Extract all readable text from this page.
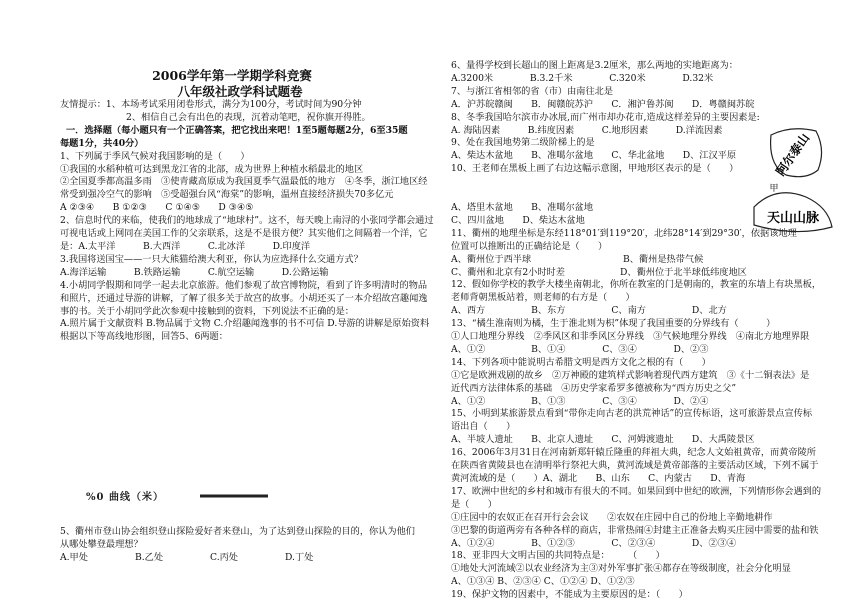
2006学年第一学期学科竞赛
八年级社政学科试题卷
友情提示：1、本场考试采用闭卷形式，满分为100分，考试时间为90分钟
2、相信自己会有出色的表现，沉着动笔吧，祝你旗开得胜。
一．选择题（每小题只有一个正确答案，把它找出来吧！1至5题每题2分，6至35题
每题1分，共40分）
1、下列属于季风气候对我国影响的是（　　）
①我国的水稻种植可达到黑龙江省的北部，成为世界上种植水稻最北的地区
②全国夏季都高温多雨　③使青藏高原成为我国夏季气温最低的地方　④冬季，浙江地区经
常受到强冷空气的影响　⑤受超强台风“海棠”的影响，温州直接经济损失70多亿元
A ②③④　　B ①②③　　C ①④⑤　　D ③④⑤
2、信息时代的来临，使我们的地球成了“地球村”。这不，每天晚上南浔的小张同学都会通过
可视电话或上网同在美国工作的父亲联系，这是不是很方便？其实他们之间隔着一个洋，它
是：A.太平洋　　　B.大西洋　　　C.北冰洋　　　D.印度洋
3.我国将送国宝——一只大熊猫给澳大利亚，你认为应选择什么交通方式？
A.海洋运输　　　B.铁路运输　　　C.航空运输　　　D.公路运输
4.小胡同学假期和同学一起去北京旅游。他们参观了故宫博物院，看到了许多明清时的物品
和照片，还通过导游的讲解，了解了很多关于故宫的故事。小胡还买了一本介绍故宫趣闻逸
事的书。关于小胡同学此次参观中接触到的资料，下列说法不正确的是：
A.照片属于文献资料 B.物品属于文物 C.介绍趣闻逸事的书不可信 D.导游的讲解是原始资料
根据以下等高线地形图，回答5、6两题：
%0 曲线（米）
5、衢州市登山协会组织登山探险爱好者来登山，为了达到登山探险的目的，你认为他们
从哪处攀登最理想？
A.甲处	B.乙处	C.丙处	D.丁处
6、量得学校到长超山的图上距离是3.2厘米，那么两地的实地距离为：
A.3200米　　　　B.3.2千米　　　　C.320米　　　　D.32米
7、与浙江省相邻的省（市）由南往北是
A．沪苏皖赣闽　　B．闽赣皖苏沪　　C．湘沪鲁苏闽　　D．粤赣闽苏皖
8、冬季我国哈尔滨市办冰展,而广州市却办花市,造成这样差异的主要因素是:
A. 海陆因素　　　B.纬度因素　　　C.地形因素　　　D.洋流因素
9、处在我国地势第二级阶梯上的是
A、柴达木盆地　　B、准噶尔盆地　　C、华北盆地　　D、江汉平原
10、王老师在黑板上画了右边这幅示意图，甲地形区表示的是（　　）

A、塔里木盆地　　B、准噶尔盆地
C、四川盆地　　D、柴达木盆地
11、衢州的地理坐标是东经118°01′到119°20′，北纬28°14′到29°30′，依据该地理
位置可以推断出的正确结论是（　　）
A、衢州位于西半球　　　　　　　　　　B、衢州是热带气候
C、衢州和北京有2小时时差　　　　　　D、衢州位于北半球低纬度地区
12、假如你学校的教学大楼坐南朝北，你所在教室的门是朝南的，教室的东墙上有块黑板，
老师背朝黑板站着，则老师的右方是（　　）
A、西方　　　　　B、东方　　　　　C、南方　　　　　D、北方
13、“橘生淮南则为橘，生于淮北则为枳”体现了我国重要的分界线有（　　　）
①人口地理分界线　②季风区和非季风区分界线　③气候地理分界线　④南北方地理界限
A、①②　　　　　B、①④　　　　C、③④　　　　D、②③
14、下列各项中能说明古希腊文明是西方文化之根的有（　　）
①它是欧洲戏剧的故乡　②万神殿的建筑样式影响着现代西方建筑　③《十二铜表法》是
近代西方法律体系的基础　④历史学家希罗多德被称为“西方历史之父”
A、①②　　　　　B、①③　　　　C、③④　　　　D、②④
15、小明到某旅游景点看到“带你走向古老的洪荒神话”的宣传标语，这可旅游景点宣传标
语出自（　　）
A、半坡人遗址　　B、北京人遗址　　C、河姆渡遗址　　D、大禹陵景区
16、2006年3月31日在河南新郑轩辕丘隆重的拜祖大典，纪念人文始祖黄帝，而黄帝陵所
在陕西省黄陵县也在清明举行祭祀大典，黄河流域是黄帝部落的主要活动区域，下列不属于
黄河流域的是（　　）A、湖北　　B、山东　　C、内蒙古　　D、青海
17、欧洲中世纪的乡村和城市有很大的不同。如果回到中世纪的欧洲，下列情形你会遇到的
是（　　）
①庄园中的农奴正在召开行会会议　　②农奴在庄园中自己的份地上辛勤地耕作
③巴黎的街道两旁有各种各样的商店，非常热闹④封建主正准备去购买庄园中需要的盐和铁
A、①②④　　　　B、①②③　　　　C、②③④　　　　D、②③④
18、亚非四大文明古国的共同特点是：　　　（　　）
①地处大河流域②以农业经济为主③对外军事扩张④都存在等级制度，社会分化明显
A、①③④ B、②③④ C、①②④ D、①②③
19、保护文物的因素中，不能成为主要原因的是：（　　）
阿尔泰山
甲
天山山脉
